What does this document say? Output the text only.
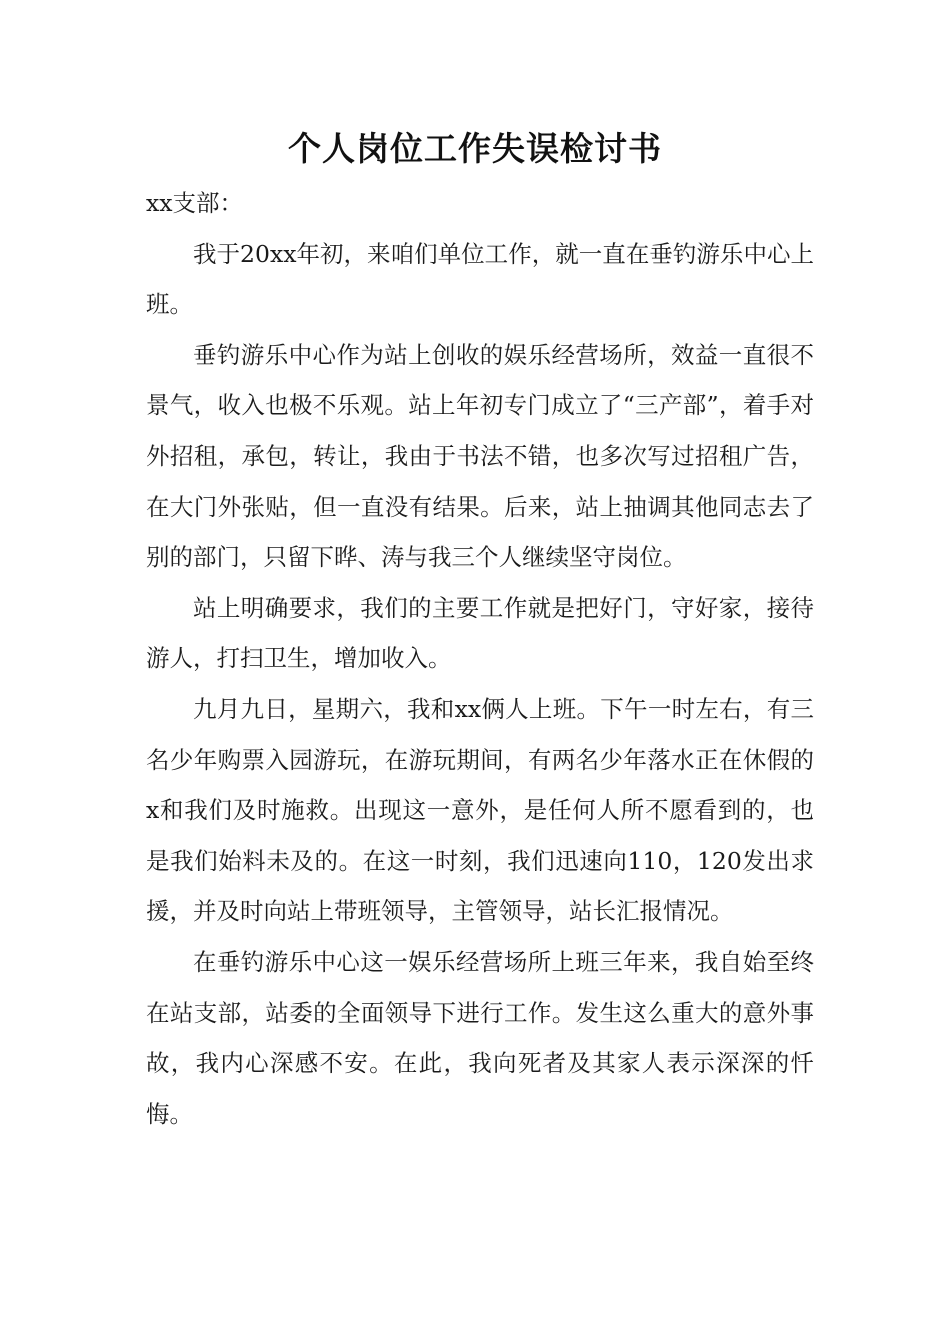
个人岗位工作失误检讨书

xx支部：

我于20xx年初，来咱们单位工作，就一直在垂钓游乐中心上班。

垂钓游乐中心作为站上创收的娱乐经营场所，效益一直很不景气，收入也极不乐观。站上年初专门成立了“三产部”，着手对外招租，承包，转让，我由于书法不错，也多次写过招租广告，在大门外张贴，但一直没有结果。后来，站上抽调其他同志去了别的部门，只留下晔、涛与我三个人继续坚守岗位。

站上明确要求，我们的主要工作就是把好门，守好家，接待游人，打扫卫生，增加收入。

九月九日，星期六，我和xx俩人上班。下午一时左右，有三名少年购票入园游玩，在游玩期间，有两名少年落水正在休假的x和我们及时施救。出现这一意外，是任何人所不愿看到的，也是我们始料未及的。在这一时刻，我们迅速向110，120发出求援，并及时向站上带班领导，主管领导，站长汇报情况。

在垂钓游乐中心这一娱乐经营场所上班三年来，我自始至终在站支部，站委的全面领导下进行工作。发生这么重大的意外事故，我内心深感不安。在此，我向死者及其家人表示深深的忏悔。
